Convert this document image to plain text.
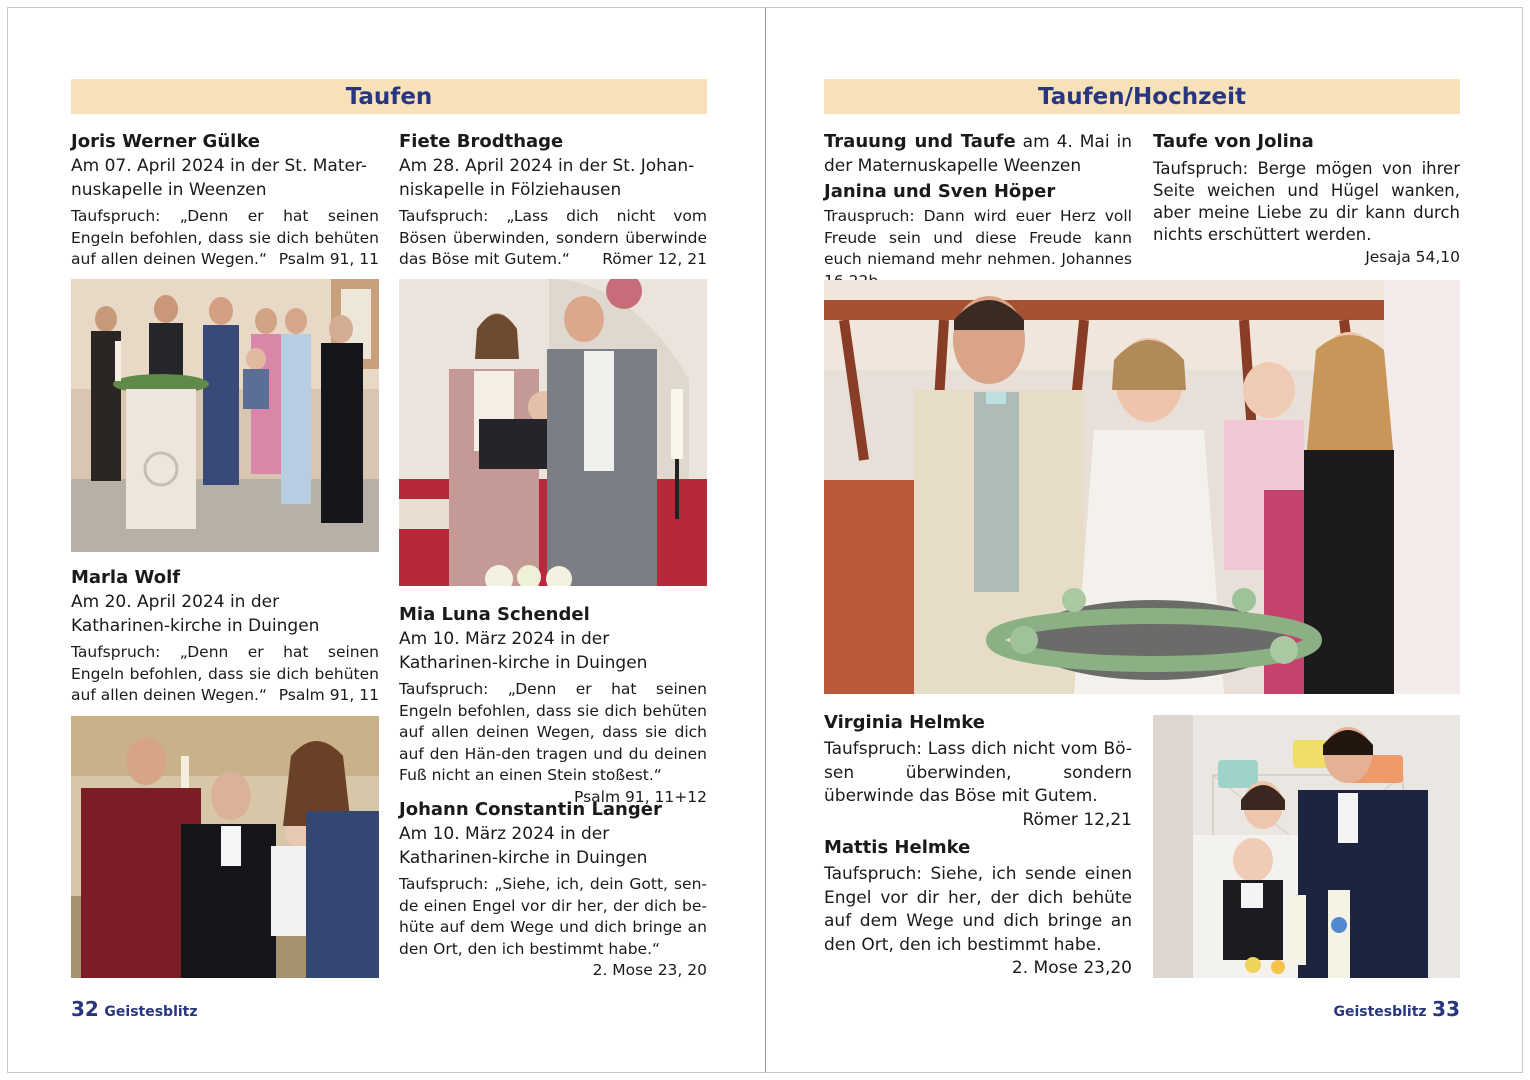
Taufen

Joris Werner Gülke

Am 07. April 2024 in der St. Mater-nuskapelle in Weenzen

Taufspruch: „Denn er hat seinen Engeln befohlen, dass sie dich behüten auf allen deinen Wegen.“ Psalm 91, 11

Fiete Brodthage

Am 28. April 2024 in der St. Johan-niskapelle in Fölziehausen

Taufspruch: „Lass dich nicht vom Bösen überwinden, sondern überwinde das Böse mit Gutem.“ Römer 12, 21

Marla Wolf

Am 20. April 2024 in der Katharinen-kirche in Duingen

Taufspruch: „Denn er hat seinen Engeln befohlen, dass sie dich behüten auf allen deinen Wegen.“ Psalm 91, 11

Mia Luna Schendel

Am 10. März 2024 in der Katharinen-kirche in Duingen

Taufspruch: „Denn er hat seinen Engeln befohlen, dass sie dich behüten auf allen deinen Wegen, dass sie dich auf den Hän-den tragen und du deinen Fuß nicht an einen Stein stoßest.“
Psalm 91, 11+12

Johann Constantin Langer

Am 10. März 2024 in der Katharinen-kirche in Duingen

Taufspruch: „Siehe, ich, dein Gott, sen-de einen Engel vor dir her, der dich be-hüte auf dem Wege und dich bringe an den Ort, den ich bestimmt habe.“
2. Mose 23, 20

32 Geistesblitz
Taufen/Hochzeit

Trauung und Taufe am 4. Mai in der Maternuskapelle Weenzen

Janina und Sven Höper

Trauspruch: Dann wird euer Herz voll Freude sein und diese Freude kann euch niemand mehr nehmen. Johannes

Taufe von Jolina

Taufspruch: Berge mögen von ihrer Seite weichen und Hügel wanken, aber meine Liebe zu dir kann durch nichts erschüttert werden.

Jesaja 54,10

Virginia Helmke

Taufspruch: Lass dich nicht vom Bö-sen überwinden, sondern überwinde das Böse mit Gutem.
Römer 12,21

Mattis Helmke

Taufspruch: Siehe, ich sende einen Engel vor dir her, der dich behüte auf dem Wege und dich bringe an den Ort, den ich bestimmt habe.

2. Mose 23,20
Geistesblitz 33
